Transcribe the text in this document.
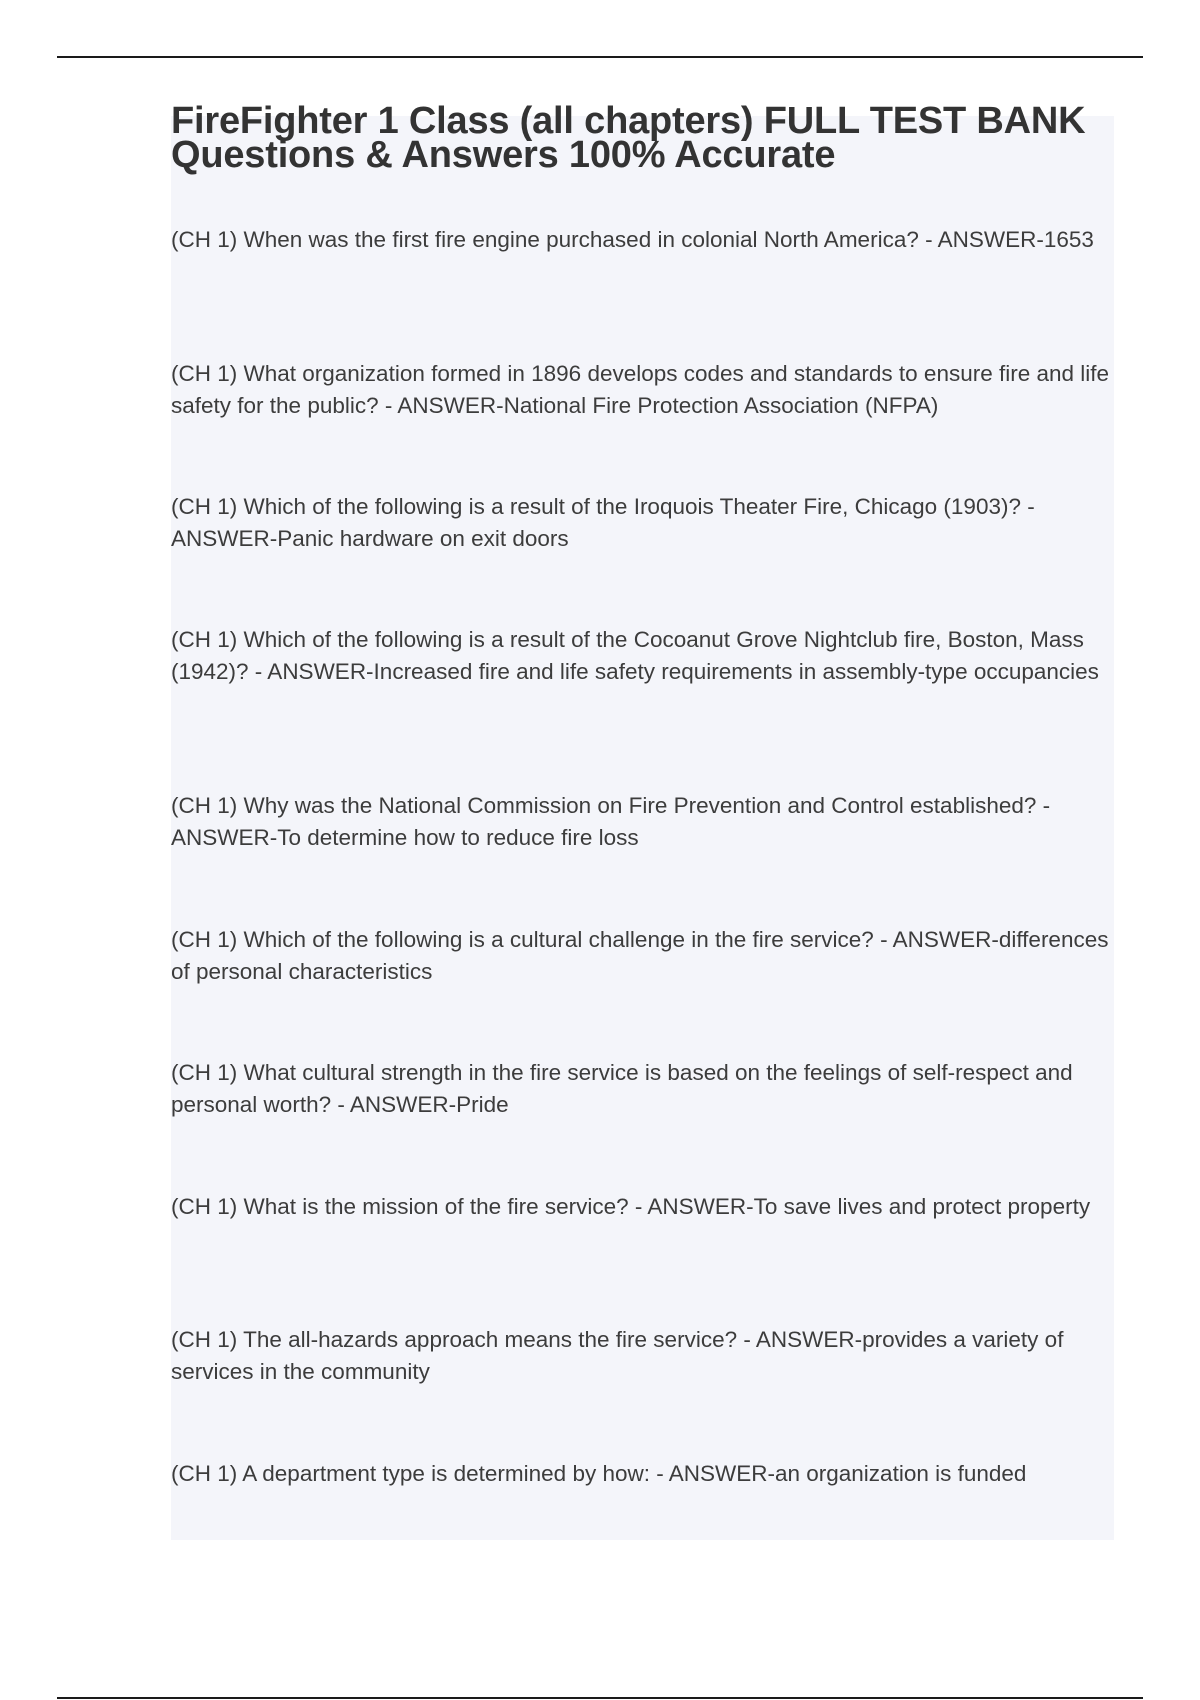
FireFighter 1 Class (all chapters) FULL TEST BANK Questions & Answers 100% Accurate
(CH 1) When was the first fire engine purchased in colonial North America? - ANSWER-1653
(CH 1) What organization formed in 1896 develops codes and standards to ensure fire and life safety for the public? - ANSWER-National Fire Protection Association (NFPA)
(CH 1) Which of the following is a result of the Iroquois Theater Fire, Chicago (1903)? - ANSWER-Panic hardware on exit doors
(CH 1) Which of the following is a result of the Cocoanut Grove Nightclub fire, Boston, Mass (1942)? - ANSWER-Increased fire and life safety requirements in assembly-type occupancies
(CH 1) Why was the National Commission on Fire Prevention and Control established? - ANSWER-To determine how to reduce fire loss
(CH 1) Which of the following is a cultural challenge in the fire service? - ANSWER-differences of personal characteristics
(CH 1) What cultural strength in the fire service is based on the feelings of self-respect and personal worth? - ANSWER-Pride
(CH 1) What is the mission of the fire service? - ANSWER-To save lives and protect property
(CH 1) The all-hazards approach means the fire service? - ANSWER-provides a variety of services in the community
(CH 1) A department type is determined by how: - ANSWER-an organization is funded
